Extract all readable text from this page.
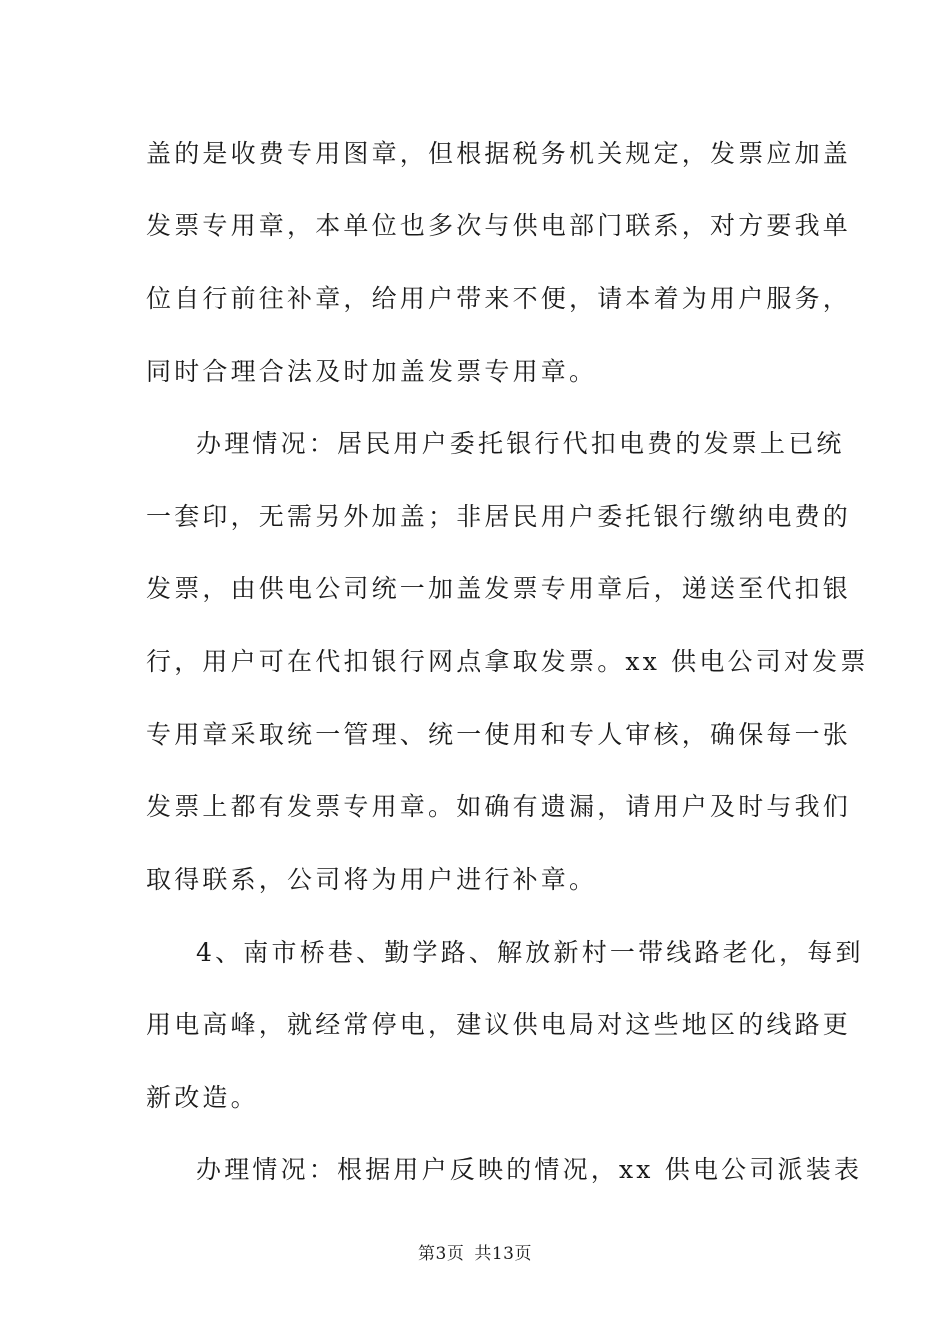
盖的是收费专用图章，但根据税务机关规定，发票应加盖
发票专用章，本单位也多次与供电部门联系，对方要我单
位自行前往补章，给用户带来不便，请本着为用户服务，
同时合理合法及时加盖发票专用章。
办理情况：居民用户委托银行代扣电费的发票上已统
一套印，无需另外加盖；非居民用户委托银行缴纳电费的
发票，由供电公司统一加盖发票专用章后，递送至代扣银
行，用户可在代扣银行网点拿取发票。xx 供电公司对发票
专用章采取统一管理、统一使用和专人审核，确保每一张
发票上都有发票专用章。如确有遗漏，请用户及时与我们
取得联系，公司将为用户进行补章。
4、南市桥巷、勤学路、解放新村一带线路老化，每到
用电高峰，就经常停电，建议供电局对这些地区的线路更
新改造。
办理情况：根据用户反映的情况，xx 供电公司派装表
第3页 共13页
